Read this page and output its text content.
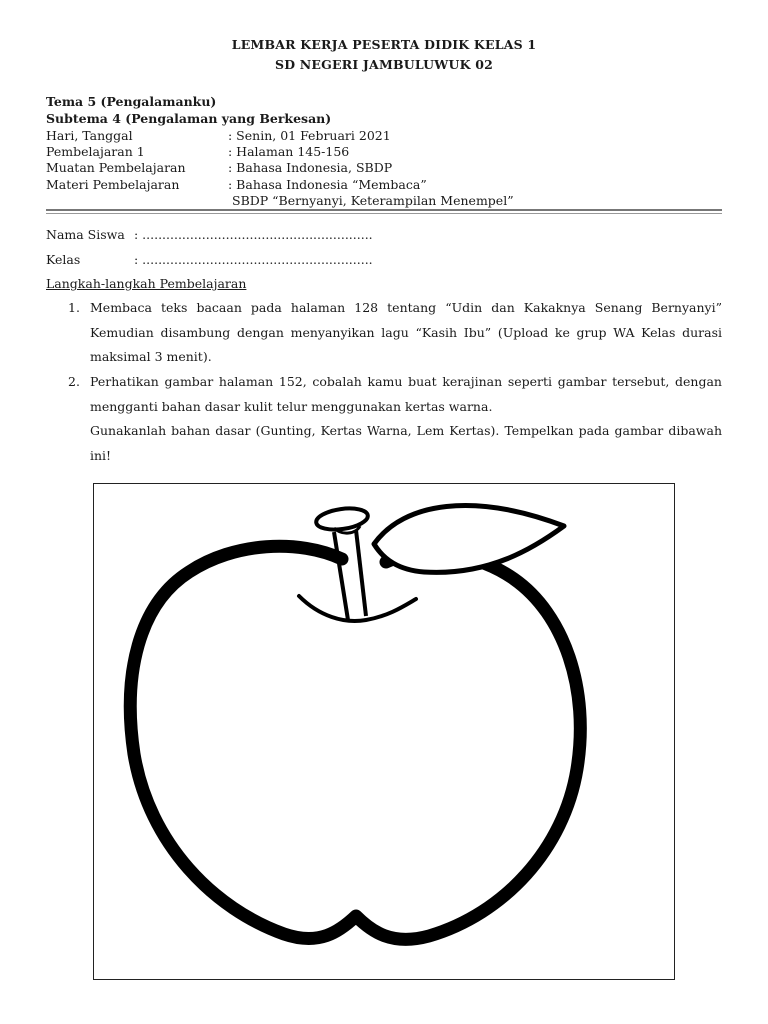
LEMBAR KERJA PESERTA DIDIK KELAS 1
SD NEGERI JAMBULUWUK 02
Tema 5 (Pengalamanku)
Subtema 4 (Pengalaman yang Berkesan)
Hari, Tanggal	: Senin, 01 Februari 2021
Pembelajaran 1	: Halaman 145-156
Muatan Pembelajaran	: Bahasa Indonesia, SBDP
Materi Pembelajaran	: Bahasa Indonesia “Membaca”
SBDP “Bernyanyi, Keterampilan Menempel”
Nama Siswa : ..........................................................
Kelas	: ..........................................................
Langkah-langkah Pembelajaran
1. Membaca teks bacaan pada halaman 128 tentang “Udin dan Kakaknya Senang Bernyanyi” Kemudian disambung dengan menyanyikan lagu “Kasih Ibu” (Upload ke grup WA Kelas durasi maksimal 3 menit).
2. Perhatikan gambar halaman 152, cobalah kamu buat kerajinan seperti gambar tersebut, dengan mengganti bahan dasar kulit telur menggunakan kertas warna.
Gunakanlah bahan dasar (Gunting, Kertas Warna, Lem Kertas). Tempelkan pada gambar dibawah ini!
